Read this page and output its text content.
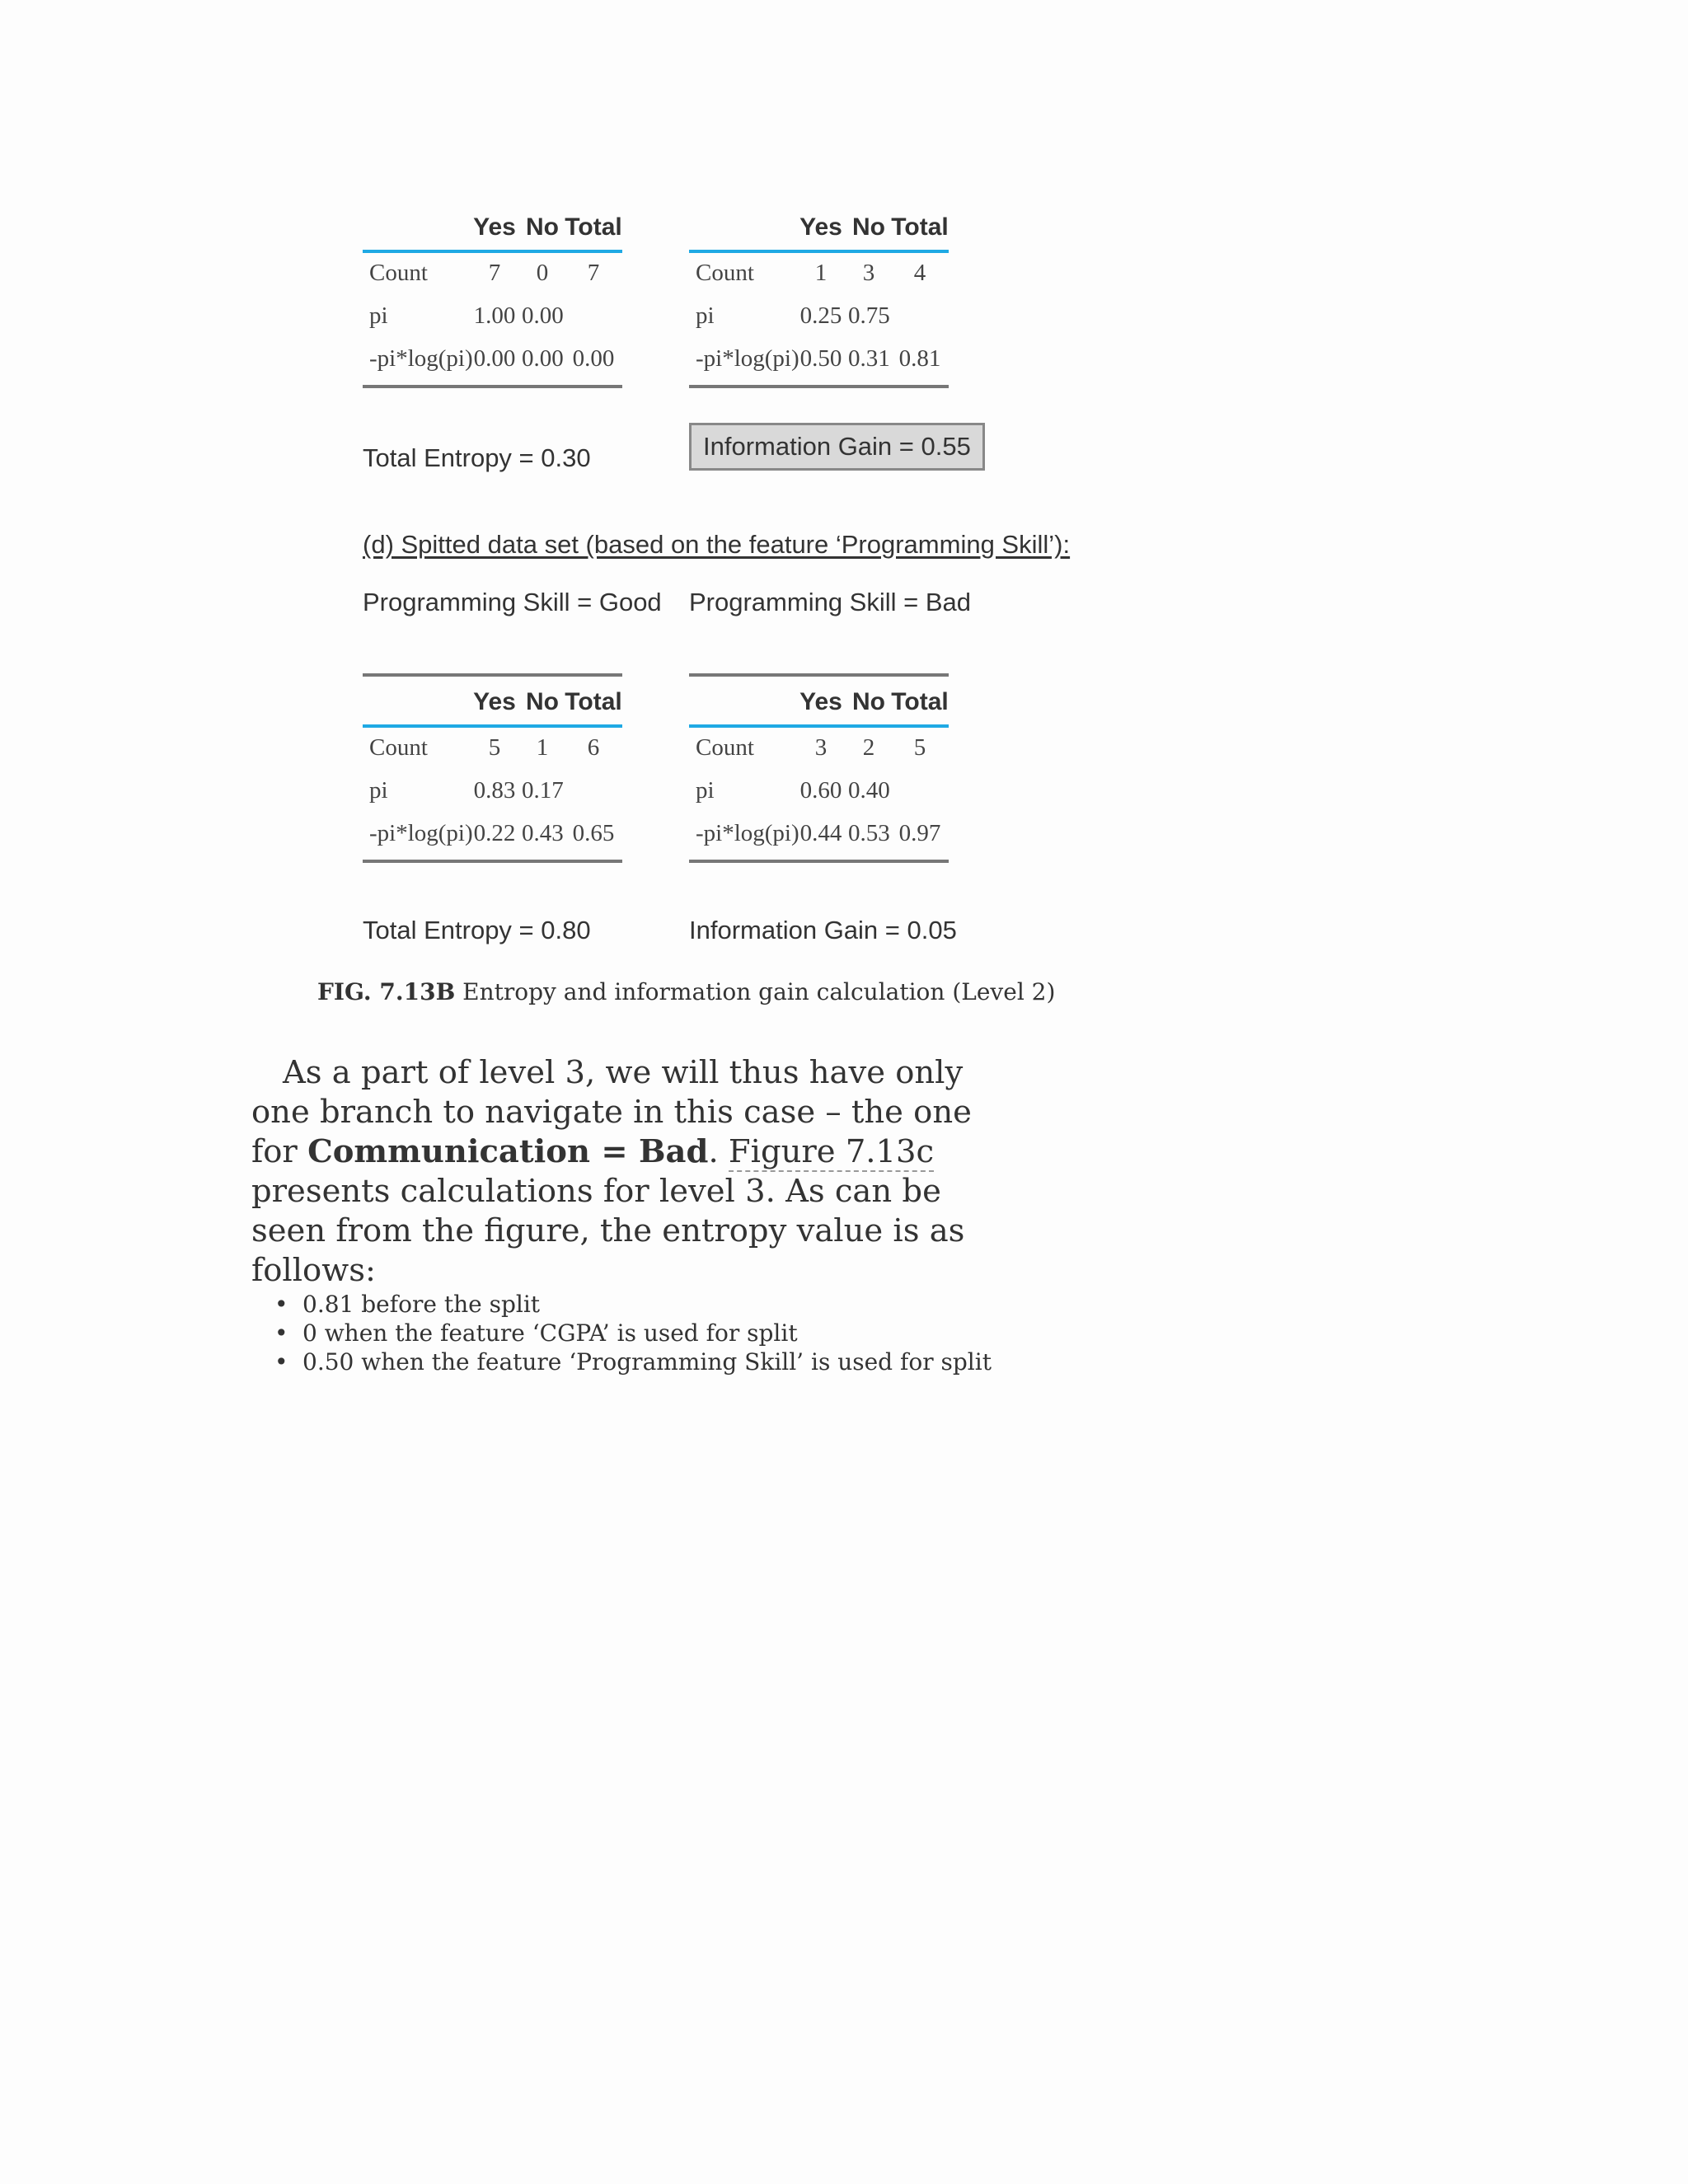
Yes No Total
Count	7	0	7
pi	1.00 0.00
-pi*log(pi) 0.00 0.00 0.00
Yes No Total
Count	1	3	4
pi	0.25 0.75
-pi*log(pi) 0.50 0.31 0.81
Total Entropy = 0.30	Information Gain = 0.55
(d) Spitted data set (based on the feature ‘Programming Skill’):
Programming Skill = Good Programming Skill = Bad
Yes No Total
Count	5	1	6
pi	0.83 0.17
-pi*log(pi) 0.22 0.43 0.65
Yes No Total
Count	3	2	5
pi	0.60 0.40
-pi*log(pi) 0.44 0.53 0.97
Total Entropy = 0.80	Information Gain = 0.05
FIG. 7.13B Entropy and information gain calculation (Level 2)

As a part of level 3, we will thus have only one branch to navigate in this case – the one for Communication = Bad. Figure 7.13c presents calculations for level 3. As can be seen from the figure, the entropy value is as follows:

• 0.81 before the split
• 0 when the feature ‘CGPA’ is used for split
• 0.50 when the feature ‘Programming Skill’ is used for split
